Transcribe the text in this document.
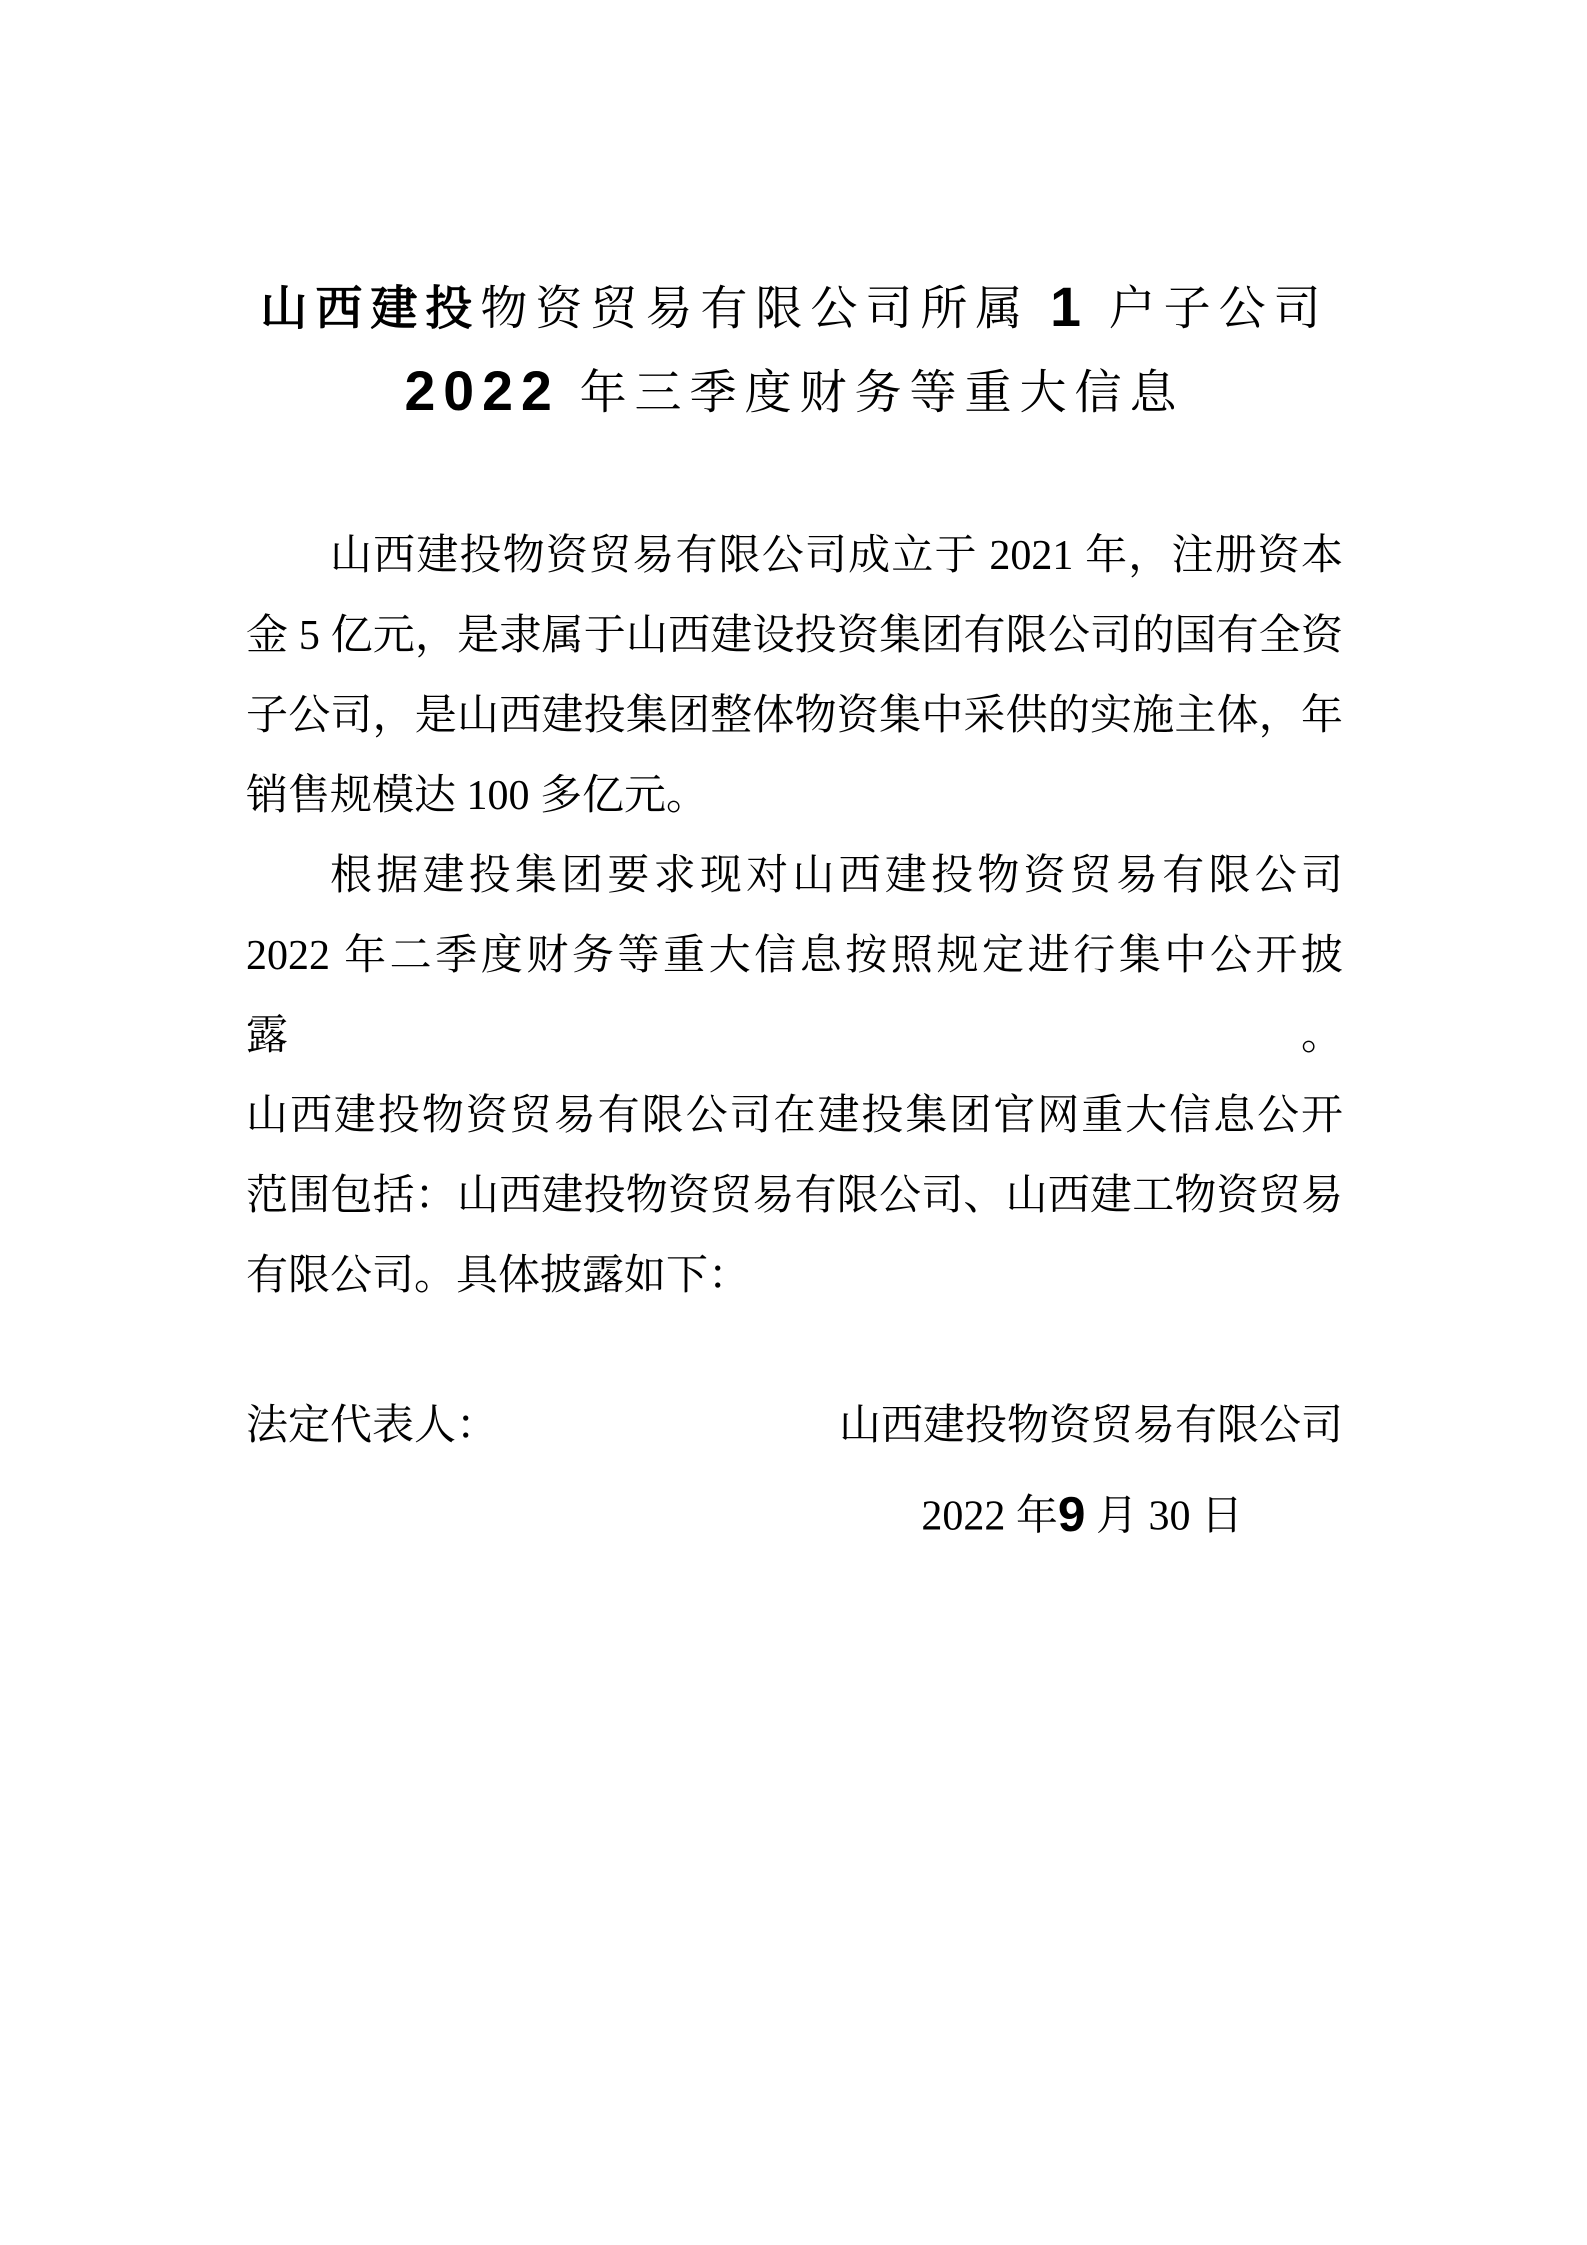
山西建投物资贸易有限公司所属 1 户子公司
2022 年三季度财务等重大信息
山西建投物资贸易有限公司成立于 2021 年，注册资本
金 5 亿元，是隶属于山西建设投资集团有限公司的国有全资
子公司，是山西建投集团整体物资集中采供的实施主体，年
销售规模达 100 多亿元。
根据建投集团要求现对山西建投物资贸易有限公司
2022 年二季度财务等重大信息按照规定进行集中公开披露。
山西建投物资贸易有限公司在建投集团官网重大信息公开
范围包括：山西建投物资贸易有限公司、山西建工物资贸易
有限公司。具体披露如下：
法定代表人：	山西建投物资贸易有限公司
2022 年9 月 30 日
